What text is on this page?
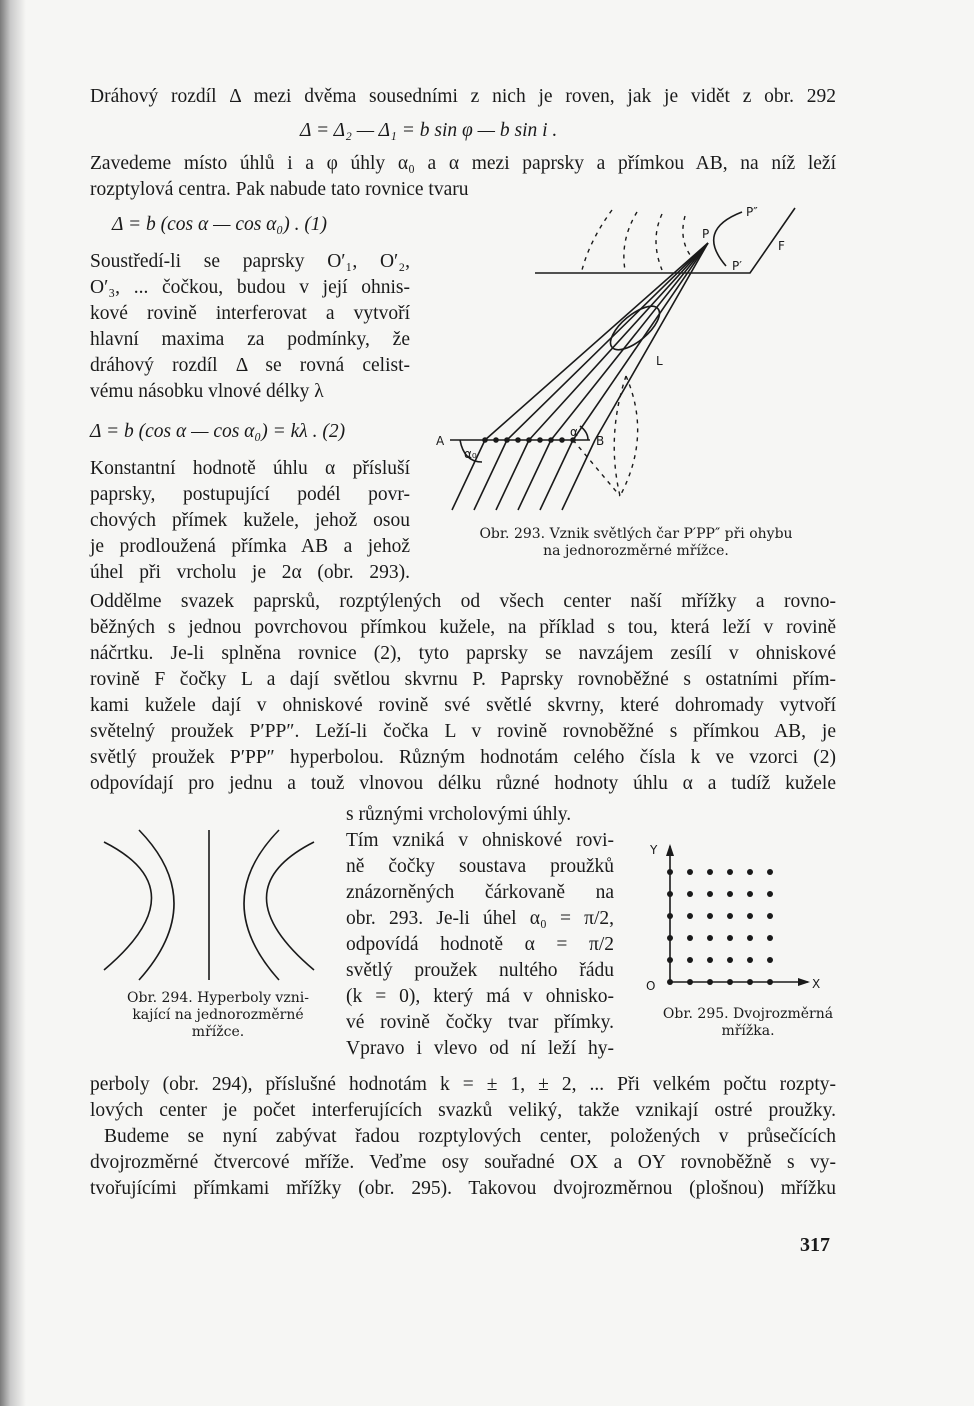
Dráhový rozdíl Δ mezi dvěma sousedními z nich je roven, jak je vidět z obr. 292
Δ = Δ₂ — Δ₁ = b sin φ — b sin i .
Zavedeme místo úhlů i a φ úhly α₀ a α mezi paprsky a přímkou AB, na níž leží
rozptylová centra. Pak nabude tato rovnice tvaru
Δ = b (cos α — cos α₀) . (1)
Soustředí-li se paprsky O′₁, O′₂,
O′₃, ... čočkou, budou v její ohnis-
kové rovině interferovat a vytvoří
hlavní maxima za podmínky, že
dráhový rozdíl Δ se rovná celist-
vému násobku vlnové délky λ
Δ = b (cos α — cos α₀) = kλ . (2)
Konstantní hodnotě úhlu α přísluší
paprsky, postupující podél povr-
chových přímek kužele, jehož osou
je prodloužená přímka AB a jehož
úhel při vrcholu je 2α (obr. 293).
P″
P
P′
F
L
A	B
α₀
α
Obr. 293. Vznik světlých čar P′PP″ při ohybu
na jednorozměrné mřížce.
Oddělme svazek paprsků, rozptýlených od všech center naší mřížky a rovno-
běžných s jednou povrchovou přímkou kužele, na příklad s tou, která leží v rovině
náčrtku. Je-li splněna rovnice (2), tyto paprsky se navzájem zesílí v ohniskové
rovině F čočky L a dají světlou skvrnu P. Paprsky rovnoběžné s ostatními přím-
kami kužele dají v ohniskové rovině své světlé skvrny, které dohromady vytvoří
světelný proužek P′PP″. Leží-li čočka L v rovině rovnoběžné s přímkou AB, je
světlý proužek P′PP″ hyperbolou. Různým hodnotám celého čísla k ve vzorci (2)
odpovídají pro jednu a touž vlnovou délku různé hodnoty úhlu α a tudíž kužele
s různými vrcholovými úhly.
Tím vzniká v ohniskové rovi-
ně čočky soustava proužků
znázorněných čárkovaně na
obr. 293. Je-li úhel α₀ = π/2,
odpovídá hodnotě α = π/2
světlý proužek nultého řádu
(k = 0), který má v ohnisko-
vé rovině čočky tvar přímky.
Vpravo i vlevo od ní leží hy-
Obr. 294. Hyperboly vzni-
kající na jednorozměrné
mřížce.
Y
X
O
Obr. 295. Dvojrozměrná
mřížka.
perboly (obr. 294), příslušné hodnotám k = ± 1, ± 2, ... Při velkém počtu rozpty-
lových center je počet interferujících svazků veliký, takže vznikají ostré proužky.
Budeme se nyní zabývat řadou rozptylových center, položených v průsečících
dvojrozměrné čtvercové mříže. Veďme osy souřadné OX a OY rovnoběžně s vy-
tvořujícími přímkami mřížky (obr. 295). Takovou dvojrozměrnou (plošnou) mřížku
317
